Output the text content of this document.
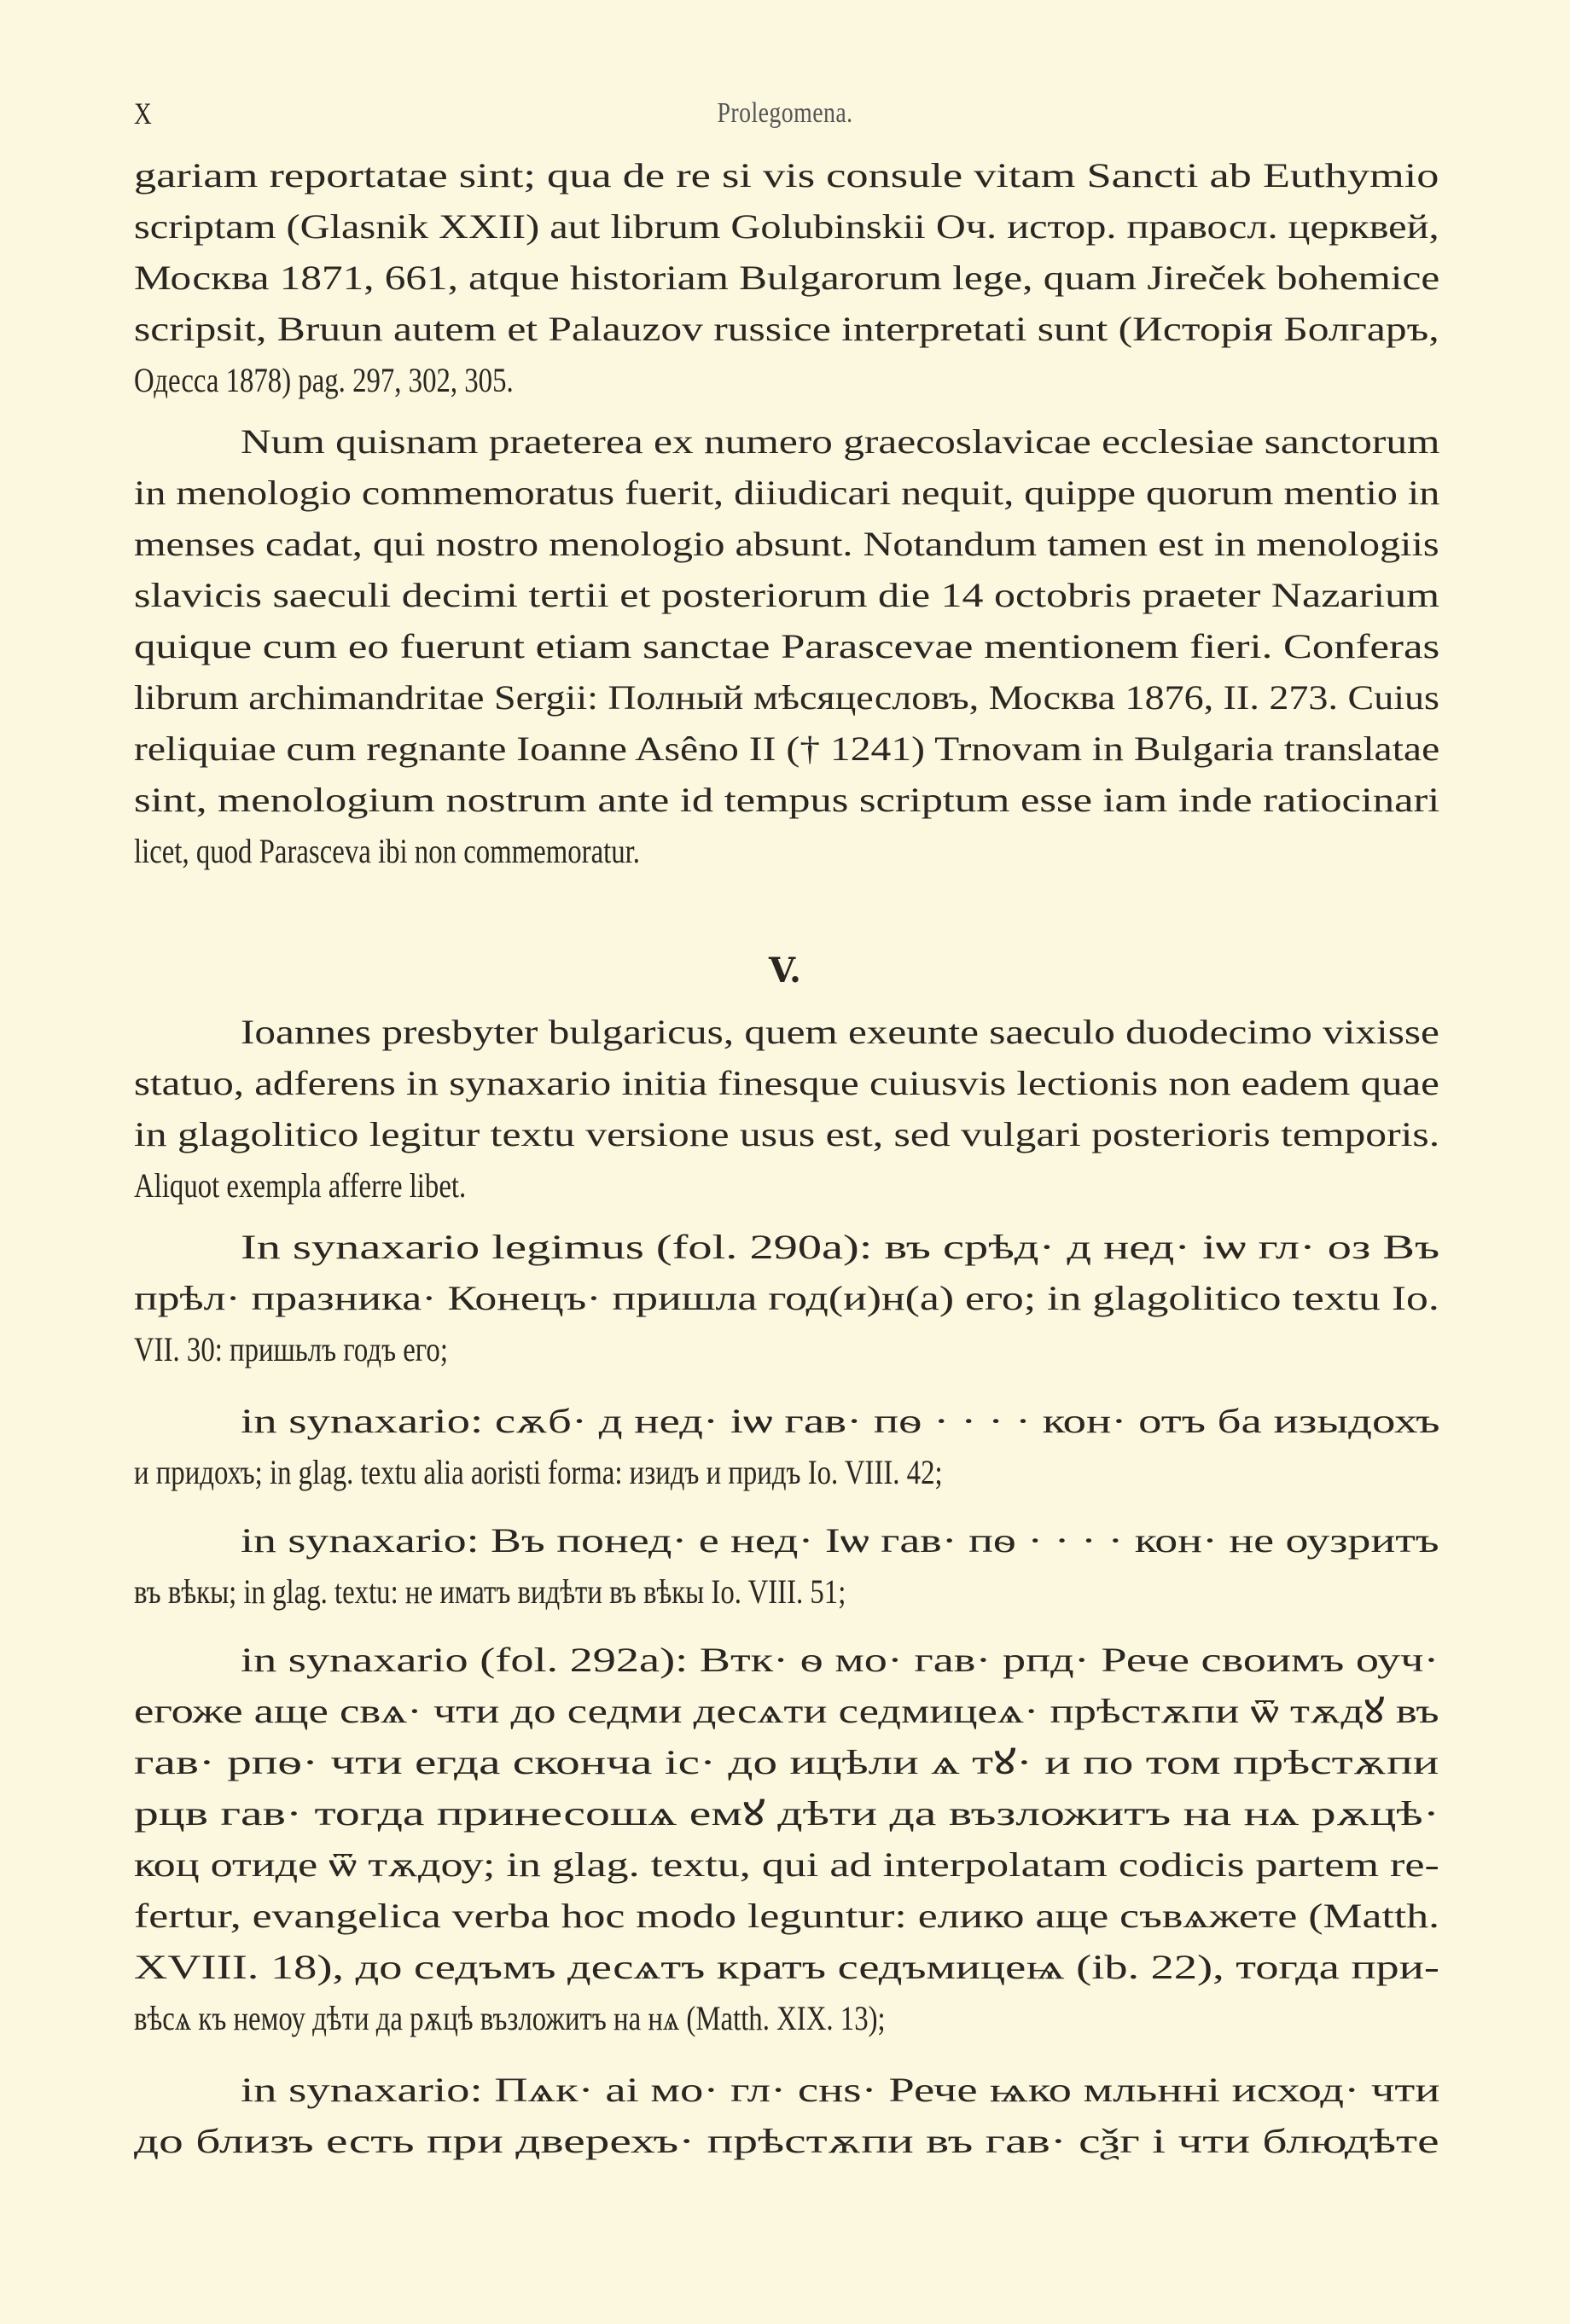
X	Prolegomena.
V.
gariam reportatae sint; qua de re si vis consule vitam Sancti ab Euthymio
scriptam (Glasnik XXII) aut librum Golubinskii Оч. истор. правосл. церквей,
Москва 1871, 661, atque historiam Bulgarorum lege, quam Jireček bohemice
scripsit, Bruun autem et Palauzov russice interpretati sunt (Исторія Болгаръ,
Одесса 1878) pag. 297, 302, 305.
Num quisnam praeterea ex numero graecoslavicae ecclesiae sanctorum
in menologio commemoratus fuerit, diiudicari nequit, quippe quorum mentio in
menses cadat, qui nostro menologio absunt. Notandum tamen est in menologiis
slavicis saeculi decimi tertii et posteriorum die 14 octobris praeter Nazarium
quique cum eo fuerunt etiam sanctae Parascevae mentionem fieri. Conferas
librum archimandritae Sergii: Полный мѣсяцесловъ, Москва 1876, II. 273. Cuius
reliquiae cum regnante Ioanne Asêno II († 1241) Trnovam in Bulgaria translatae
sint, menologium nostrum ante id tempus scriptum esse iam inde ratiocinari
licet, quod Parasceva ibi non commemoratur.
Ioannes presbyter bulgaricus, quem exeunte saeculo duodecimo vixisse
statuo, adferens in synaxario initia finesque cuiusvis lectionis non eadem quae
in glagolitico legitur textu versione usus est, sed vulgari posterioris temporis.
Aliquot exempla afferre libet.
In synaxario legimus (fol. 290a): въ срѣд· д нед· іѡ гл· оз Въ
прѣл· празника· Конецъ· пришла год(и)н(а) его; in glagolitico textu Io.
VII. 30: пришьлъ годъ его;
in synaxario: сѫб· д нед· іѡ гав· пѳ · · · · кон· отъ ба изыдохъ
и придохъ; in glag. textu alia aoristi forma: изидъ и придъ Io. VIII. 42;
in synaxario: Въ понед· е нед· Іѡ гав· пѳ · · · · кон· не оузритъ
въ вѣкы; in glag. textu: не иматъ видѣти въ вѣкы Io. VIII. 51;
in synaxario (fol. 292a): Втк· ѳ мо· гав· рпд· Рече своимъ оуч·
егоже аще свѧ· чти до седми десѧти седмицеѧ· прѣстѫпи ѿ тѫдꙋ въ
гав· рпѳ· чти егда скончa іс· до ицѣли ѧ тꙋ· и по том прѣстѫпи
рцв гав· тогда принесошѧ емꙋ дѣти да възложитъ на нѧ рѫцѣ·
коц отиде ѿ тѫдоу; in glag. textu, qui ad interpolatam codicis partem re-
fertur, evangelica verba hoc modo leguntur: елико аще съвѧжете (Matth.
XVIII. 18), до седъмъ десѧтъ кратъ седъмицеѩ (ib. 22), тогда при-
вѣсѧ къ немоу дѣти да рѫцѣ възложитъ на нѧ (Matth. XIX. 13);
in synaxario: Пѧк· аі мо· гл· снѕ· Рече ѩко мльнні исход· чти
до близъ есть при дверехъ· прѣстѫпи въ гав· сѯг і чти блюдѣте
